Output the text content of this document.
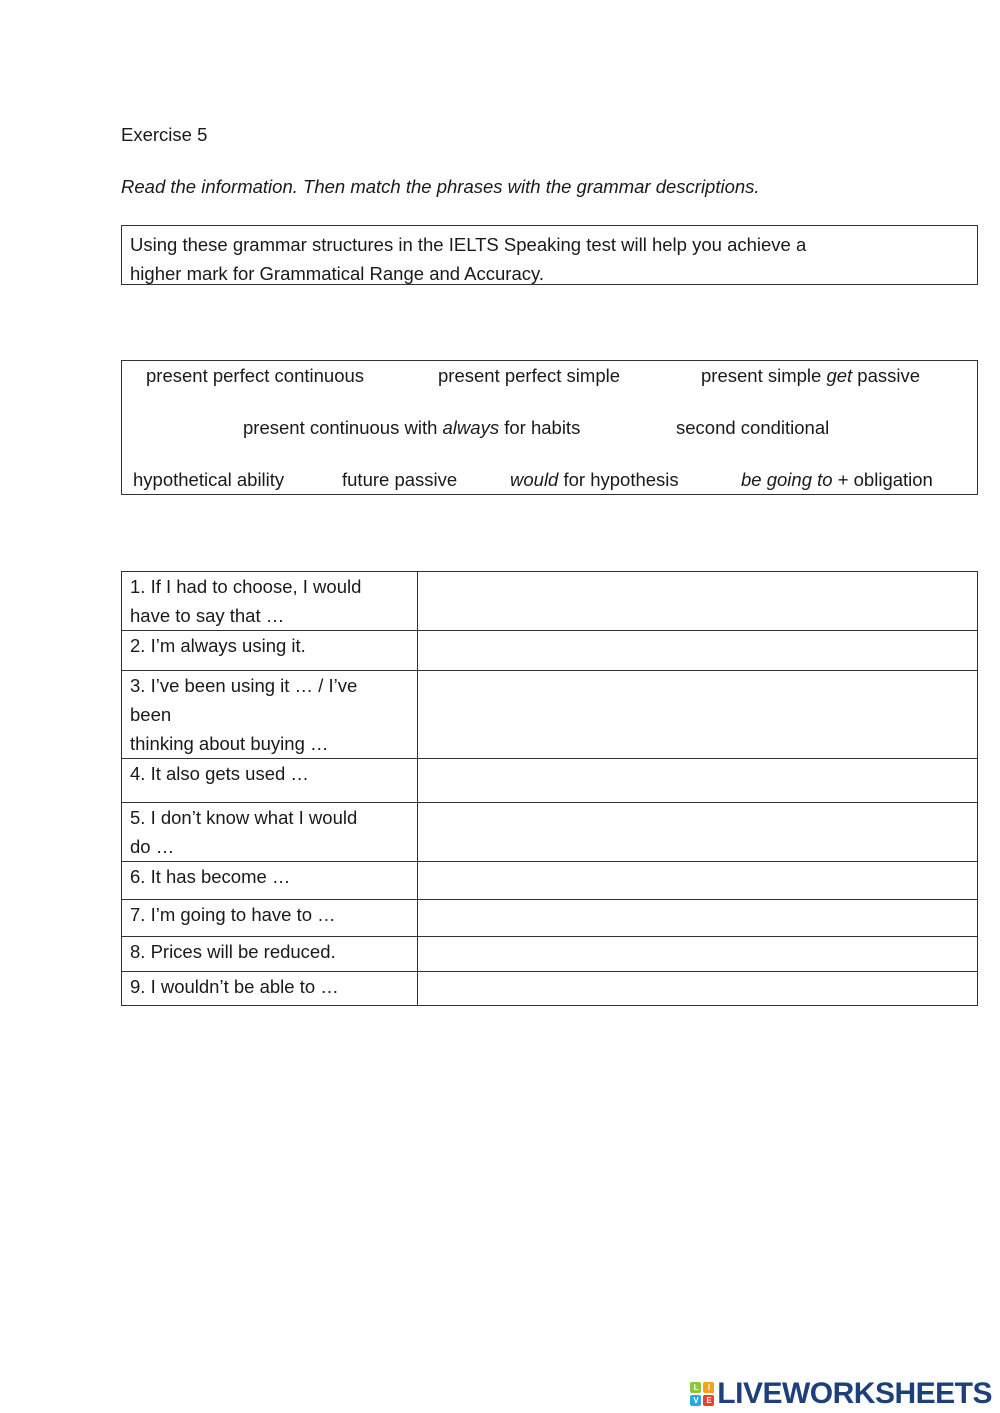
Exercise 5
Read the information. Then match the phrases with the grammar descriptions.
Using these grammar structures in the IELTS Speaking test will help you achieve a
higher mark for Grammatical Range and Accuracy.
present perfect continuous	present perfect simple	present simple get passive
present continuous with always for habits	second conditional
hypothetical ability	future passive	would for hypothesis	be going to + obligation
1. If I had to choose, I would
have to say that …	

2. I’m always using it.	

3. I’ve been using it … / I’ve
been
thinking about buying …	

4. It also gets used …	

5. I don’t know what I would
do …	

6. It has become …	

7. I’m going to have to …	

8. Prices will be reduced.	

9. I wouldn’t be able to …	

L	I
V	E LIVEWORKSHEETS
